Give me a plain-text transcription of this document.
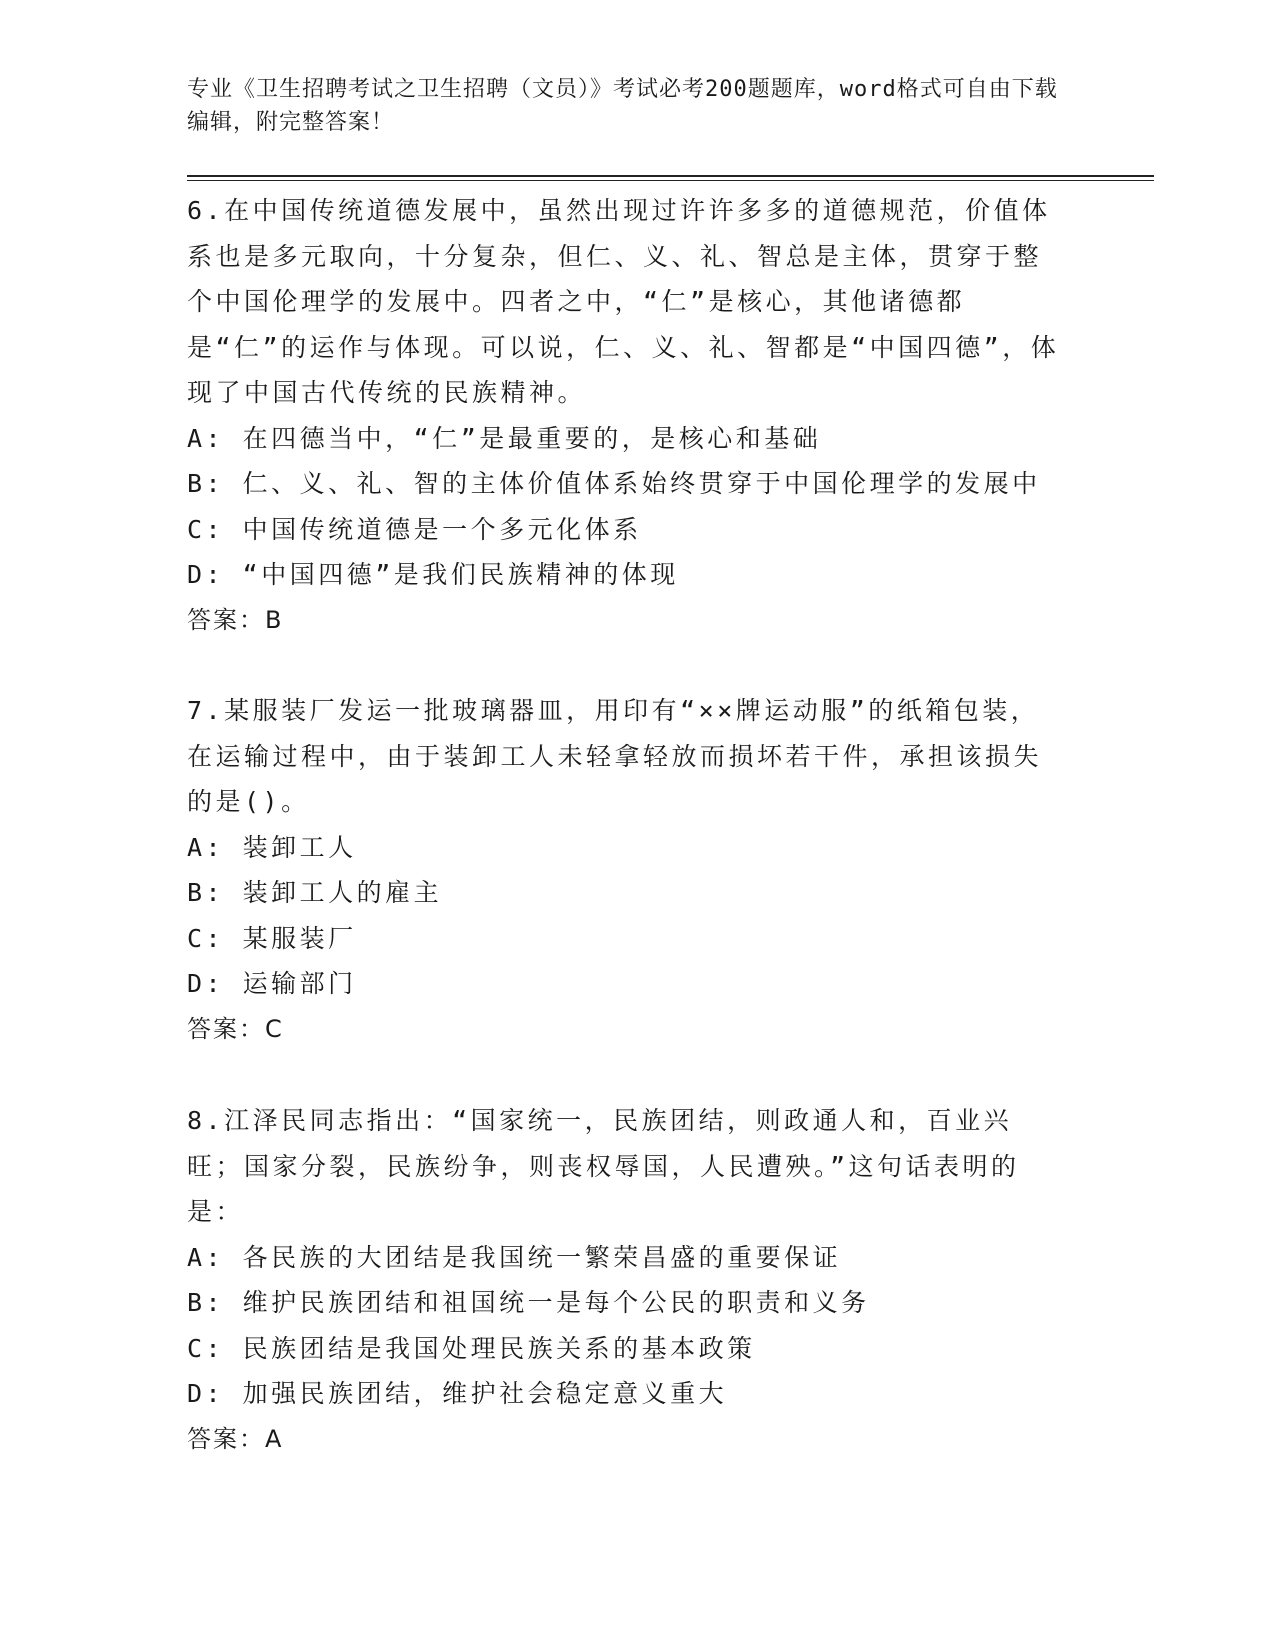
专业《卫生招聘考试之卫生招聘（文员）》考试必考200题题库，word格式可自由下载编辑，附完整答案！

6.在中国传统道德发展中，虽然出现过许许多多的道德规范，价值体系也是多元取向，十分复杂，但仁、义、礼、智总是主体，贯穿于整个中国伦理学的发展中。四者之中，“仁”是核心，其他诸德都是“仁”的运作与体现。可以说，仁、义、礼、智都是“中国四德”，体现了中国古代传统的民族精神。

A: 在四德当中，“仁”是最重要的，是核心和基础

B: 仁、义、礼、智的主体价值体系始终贯穿于中国伦理学的发展中

C: 中国传统道德是一个多元化体系

D: “中国四德”是我们民族精神的体现

答案：B

7.某服装厂发运一批玻璃器皿，用印有“××牌运动服”的纸箱包装，在运输过程中，由于装卸工人未轻拿轻放而损坏若干件，承担该损失的是()。

A: 装卸工人

B: 装卸工人的雇主

C: 某服装厂

D: 运输部门

答案：C

8.江泽民同志指出：“国家统一，民族团结，则政通人和，百业兴旺；国家分裂，民族纷争，则丧权辱国，人民遭殃。”这句话表明的是：

A: 各民族的大团结是我国统一繁荣昌盛的重要保证

B: 维护民族团结和祖国统一是每个公民的职责和义务

C: 民族团结是我国处理民族关系的基本政策

D: 加强民族团结，维护社会稳定意义重大

答案：A
